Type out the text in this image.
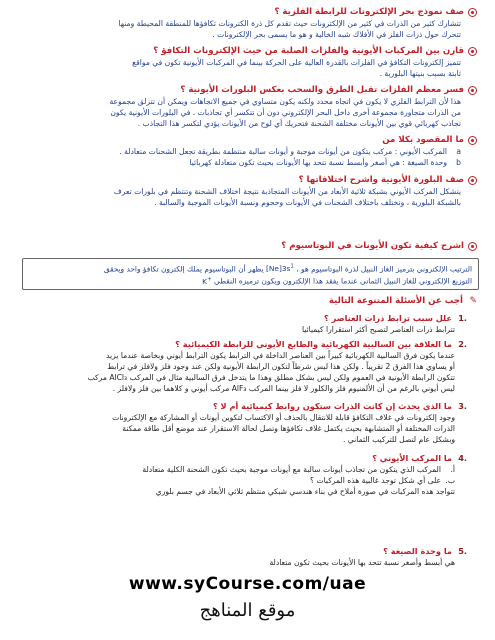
صف نموذج بحر الإلكترونات للرابطة الفلزية ؟

تتشارك كثير من الذرات في كثير من الإلكترونات حيث تقدم كل ذرة الكترونات تكافؤها للمنطقة المحيطة ومنها

تتحرك حول ذرات الفلز في الأفلاك شبه الخالية و هو ما يسمى بحر الإلكترونات .

قارن بين المركبات الأيونية والفلزات الصلبة من حيث الإلكترونات التكافؤ ؟

تتميز إلكترونات التكافؤ في الفلزات بالقدرة العالية على الحركة بينما في المركبات الأيونية تكون في مواقع

ثابتة بسبب بنيتها البلورية .

فسر معظم الفلزات تقبل الطرق والسحب بعكس البلورات الأيونية ؟

هذا لأن الترابط الفلزي لا يكون في اتجاه محدد ولكنه يكون متساوي في جميع الاتجاهات ويمكن أن تتزلق مجموعة

من الذرات متجاورة مجموعة أخرى داخل البحر الإلكتروني دون أن تتكسر أي تجاذبات . في البلورات الأيونية يكون

تجاذب كهربائي قوي بين الأيونات مختلفة الشحنة فتحريك أي لوح من الأيونات يؤدي لتكسر هذا التجاذب .

ما المقصود بكلا من
a
المركب الأيوني : مركب يتكون من أيونات موجبة و أيونات سالبة منتظمة بطريقة تجعل الشحنات متعادلة .
b
وحدة الصيغة : هي أصغر وأبسط نسبة تتحد بها الأيونات بحيث تكون متعادلة كهربائيا
صف البلورة الأيونية واشرح اختلافاتها ؟

يتشكل المركب الأيوني بشبكة ثلاثية الأبعاد من الأيونات المتجاذبة نتيجة اختلاف الشحنة وتنتظم في بلورات تعرف

بالشبكة البلورية ، وتختلف باختلاف الشحنات في الأيونات وحجوم ونسبة الأيونات الموجبة والسالبة .

اشرح كيفية تكون الأيونات في البوتاسيوم ؟
الترتيب الإلكتروني بترميز الغاز النبيل لذرة البوتاسيوم هو ، $[Ne]3s^1$ يظهر أن البوتاسيوم يملك إلكترون تكافؤ واحد ويحقق
التوزيع الإلكتروني للغاز النبيل الثمانى عندما يفقد هذا الإلكترون ويكون ترميزه النقطي K+
✎
أجب عن الأسئلة المتنوعة التالية
1.
علل سبب ترابط ذرات العناصر ؟

تترابط ذرات العناصر لتصبح أكثر استقرارا كيميائيا

2.
ما العلاقة بين السالبية الكهربائية والطابع الأيوني للرابطة الكيميائية ؟

عندما يكون فرق السالبية الكهربائية كبيراً بين العناصر الداخلة في الترابط يكون الترابط أيوني وبخاصة عندما يزيد

أو يساوي هذا الفرق 2 تقريباً . ولكن هذا ليس شرطاً لتكون الرابطة الأيونية ولكن عند وجود فلز ولافلز في ترابط

تتكون الرابطة الأيونية في العموم ولكن ليس بشكل مطلق وهذا ما يتدخل فرق السالبية مثال في المركب AlCl₃ مركب

ليس أيوني بالرغم من أن الألمنيوم فلز والكلور لا فلز بينما المركب AlF₃ مركب أيوني و كلاهما بين فلز ولافلز .

3.
ما الذي يحدث إن كانت الذرات ستكون روابط كيميائية أم لا ؟

وجود إلكترونات في غلاف التكافؤ قابلة للانتقال بالحذف أو الاكتساب لتكوين أيونات أو المشاركة مع الإلكترونات

الذرات المختلفة أو المتشابهة بحيث يكتمل غلاف تكافؤها وتصل لحالة الاستقرار عند موضع أقل طاقة ممكنة

وبشكل عام لتصل للتركيب الثماني .

4.
ما المركب الأيوني ؟
أ.
المركب الذي يتكون من تجاذب أيونات سالبة مع أيونات موجبة بحيث تكون الشحنة الكلية متعادلة
ب.
على أي شكل توجد غالبية هذه المركبات ؟

تتواجد هذه المركبات في صورة أملاح في بناء هندسي شبكي منتظم ثلاثي الأبعاد في جسم بلوري

5.
ما وحدة الصيغة ؟

هي أبسط وأصغر نسبة تتحد بها الأيونات بحيث تكون متعادلة

www.syCourse.com/uae
موقع المناهج
